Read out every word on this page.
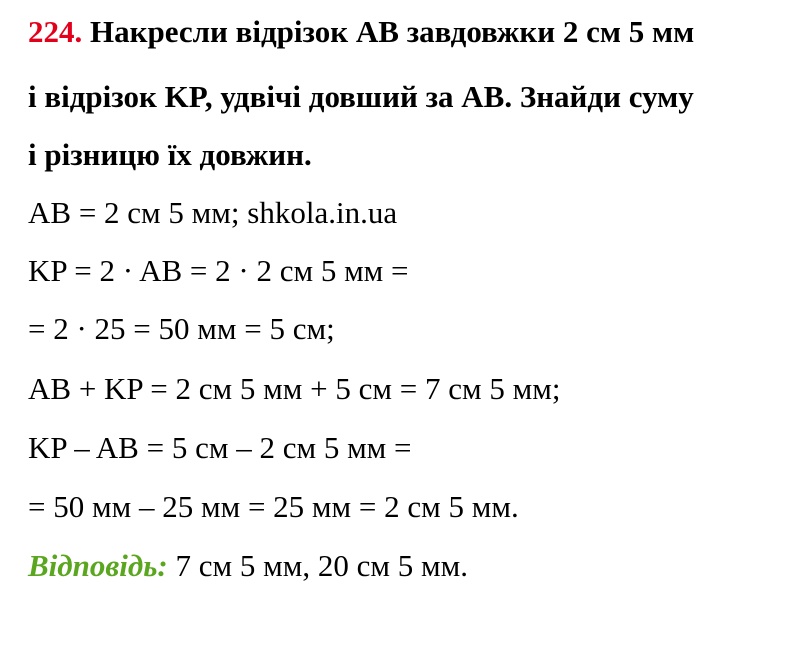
224. Накресли відрізок AB завдовжки 2 см 5 мм
і відрізок KP, удвічі довший за AB. Знайди суму
і різницю їх довжин.
AB = 2 см 5 мм; shkola.in.ua
KP = 2 · AB = 2 · 2 см 5 мм =
= 2 · 25 = 50 мм = 5 см;
AB + KP = 2 см 5 мм + 5 см = 7 см 5 мм;
KP – AB = 5 см – 2 см 5 мм =
= 50 мм – 25 мм = 25 мм = 2 см 5 мм.
Відповідь: 7 см 5 мм, 20 см 5 мм.
